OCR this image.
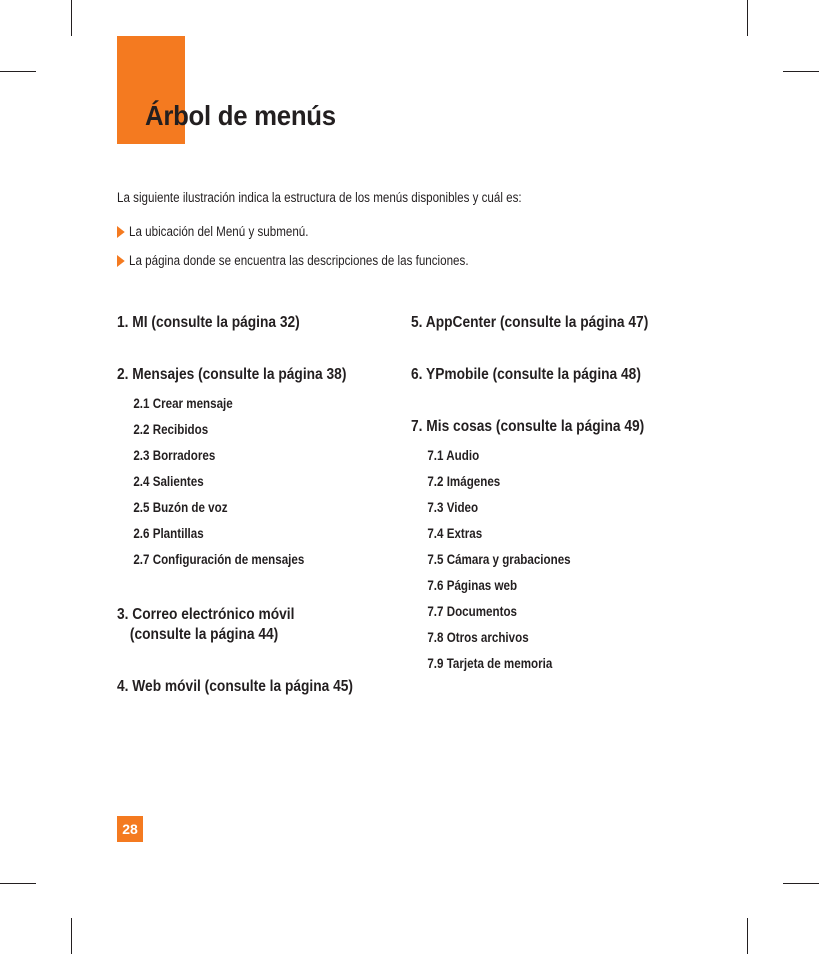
Árbol de menús
La siguiente ilustración indica la estructura de los menús disponibles y cuál es:
La ubicación del Menú y submenú.
La página donde se encuentra las descripciones de las funciones.
1. MI (consulte la página 32)
2. Mensajes (consulte la página 38)
2.1 Crear mensaje
2.2 Recibidos
2.3 Borradores
2.4 Salientes
2.5 Buzón de voz
2.6 Plantillas
2.7 Configuración de mensajes
3. Correo electrónico móvil
(consulte la página 44)
4. Web móvil (consulte la página 45)
5. AppCenter (consulte la página 47)
6. YPmobile (consulte la página 48)
7. Mis cosas (consulte la página 49)
7.1 Audio
7.2 Imágenes
7.3 Video
7.4 Extras
7.5 Cámara y grabaciones
7.6 Páginas web
7.7 Documentos
7.8 Otros archivos
7.9 Tarjeta de memoria
28
